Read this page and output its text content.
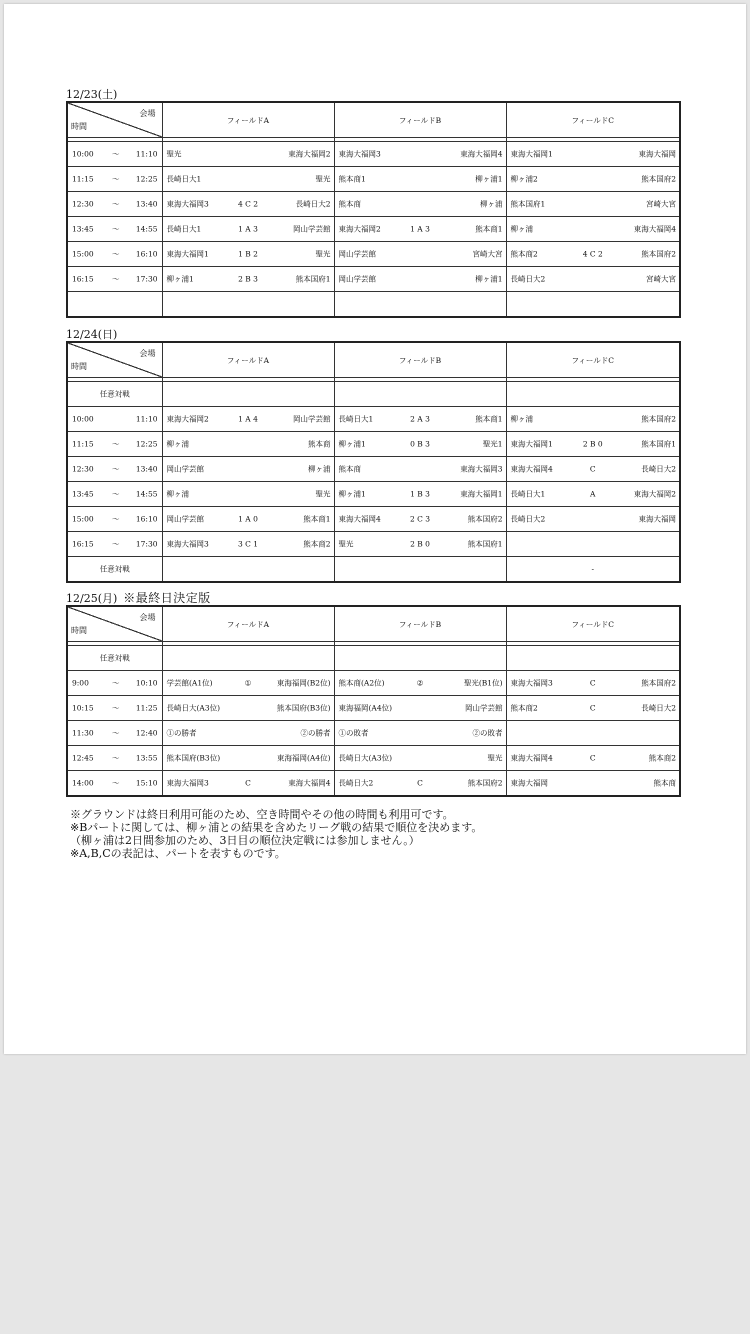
12/23(土)
会場
時間	フィールドA	フィールドB	フィールドC

10:00 〜 11:10	聖光 東海大福岡2	東海大福岡3 東海大福岡4	東海大福岡1 東海大福岡

11:15 〜 12:25	長崎日大1 聖光	熊本商1 柳ヶ浦1	柳ヶ浦2 熊本国府2

12:30 〜 13:40	東海大福岡3 4 C 2 長崎日大2	熊本商 柳ヶ浦	熊本国府1 宮崎大宮

13:45 〜 14:55	長崎日大1 1 A 3 岡山学芸館	東海大福岡2 1 A 3 熊本商1	柳ヶ浦 東海大福岡4

15:00 〜 16:10	東海大福岡1 1 B 2 聖光	岡山学芸館 宮崎大宮	熊本商2 4 C 2 熊本国府2

16:15 〜 17:30	柳ヶ浦1 2 B 3 熊本国府1	岡山学芸館 柳ヶ浦1	長崎日大2 宮崎大宮

12/24(日)
会場
時間	フィールドA	フィールドB	フィールドC

任意対戦			

10:00 11:10	東海大福岡2 1 A 4 岡山学芸館	長崎日大1 2 A 3 熊本商1	柳ヶ浦 熊本国府2

11:15 〜 12:25	柳ヶ浦 熊本商	柳ヶ浦1 0 B 3 聖光1	東海大福岡1 2 B 0 熊本国府1

12:30 〜 13:40	岡山学芸館 柳ヶ浦	熊本商 東海大福岡3	東海大福岡4 C 長崎日大2

13:45 〜 14:55	柳ヶ浦 聖光	柳ヶ浦1 1 B 3 東海大福岡1	長崎日大1 A 東海大福岡2

15:00 〜 16:10	岡山学芸館 1 A 0 熊本商1	東海大福岡4 2 C 3 熊本国府2	長崎日大2 東海大福岡

16:15 〜 17:30	東海大福岡3 3 C 1 熊本商2	聖光 2 B 0 熊本国府1	

任意対戦			-
12/25(月) ※最終日決定版
会場
時間	フィールドA	フィールドB	フィールドC

任意対戦			

9:00 〜 10:10	学芸館(A1位) ① 東海福岡(B2位)	熊本商(A2位) ② 聖光(B1位)	東海大福岡3 C 熊本国府2

10:15 〜 11:25	長崎日大(A3位) 熊本国府(B3位)	東海福岡(A4位) 岡山学芸館	熊本商2 C 長崎日大2

11:30 〜 12:40	①の勝者 ②の勝者	①の敗者 ②の敗者	

12:45 〜 13:55	熊本国府(B3位) 東海福岡(A4位)	長崎日大(A3位) 聖光	東海大福岡4 C 熊本商2

14:00 〜 15:10	東海大福岡3 C 東海大福岡4	長崎日大2 C 熊本国府2	東海大福岡 熊本商
※グラウンドは終日利用可能のため、空き時間やその他の時間も利用可です。
※Bパートに関しては、柳ヶ浦との結果を含めたリーグ戦の結果で順位を決めます。
（柳ヶ浦は2日間参加のため、3日目の順位決定戦には参加しません。）
※A,B,Cの表記は、パートを表すものです。
